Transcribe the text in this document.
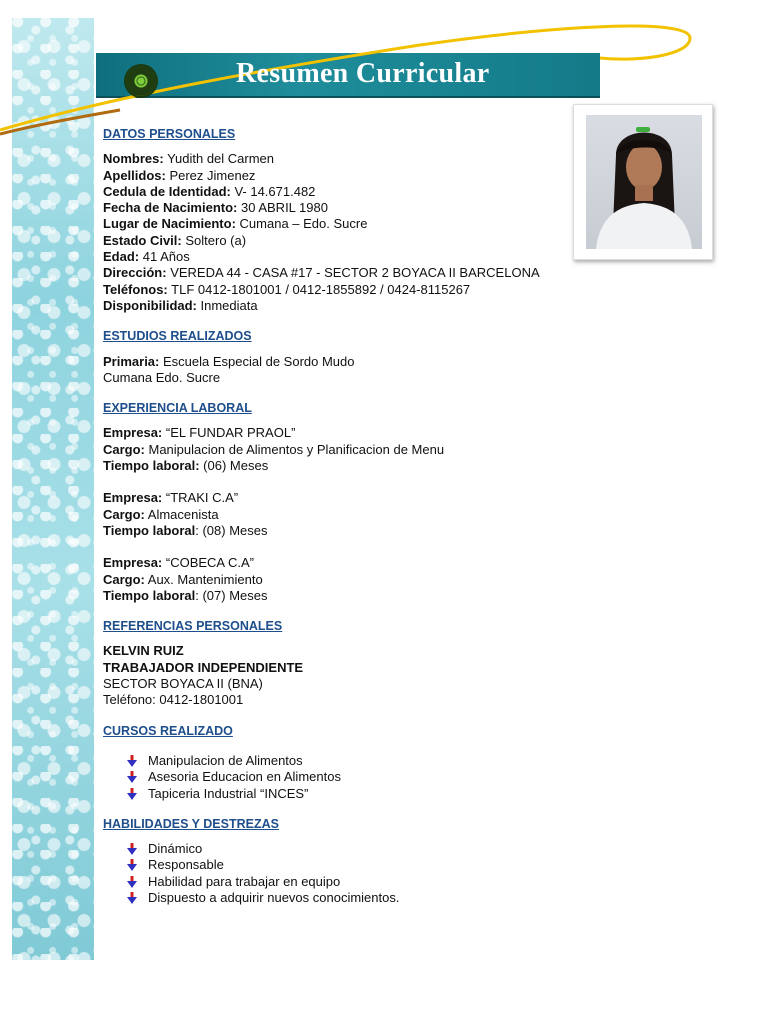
Resumen Curricular
DATOS PERSONALES
Nombres: Yudith del Carmen
Apellidos: Perez Jimenez
Cedula de Identidad: V- 14.671.482
Fecha de Nacimiento: 30 ABRIL 1980
Lugar de Nacimiento: Cumana – Edo. Sucre
Estado Civil: Soltero (a)
Edad: 41 Años
Dirección: VEREDA 44 - CASA #17 - SECTOR 2 BOYACA II BARCELONA
Teléfonos: TLF 0412-1801001 / 0412-1855892 / 0424-8115267
Disponibilidad: Inmediata
ESTUDIOS REALIZADOS
Primaria: Escuela Especial de Sordo Mudo
Cumana Edo. Sucre
EXPERIENCIA LABORAL
Empresa: “EL FUNDAR PRAOL”
Cargo: Manipulacion de Alimentos y Planificacion de Menu
Tiempo laboral: (06) Meses
Empresa: “TRAKI C.A”
Cargo: Almacenista
Tiempo laboral: (08) Meses
Empresa: “COBECA C.A”
Cargo: Aux. Mantenimiento
Tiempo laboral: (07) Meses
REFERENCIAS PERSONALES
KELVIN RUIZ
TRABAJADOR INDEPENDIENTE
SECTOR BOYACA II (BNA)
Teléfono: 0412-1801001
CURSOS REALIZADO
Manipulacion de Alimentos
Asesoria Educacion en Alimentos
Tapiceria Industrial “INCES”
HABILIDADES Y DESTREZAS
Dinámico
Responsable
Habilidad para trabajar en equipo
Dispuesto a adquirir nuevos conocimientos.
